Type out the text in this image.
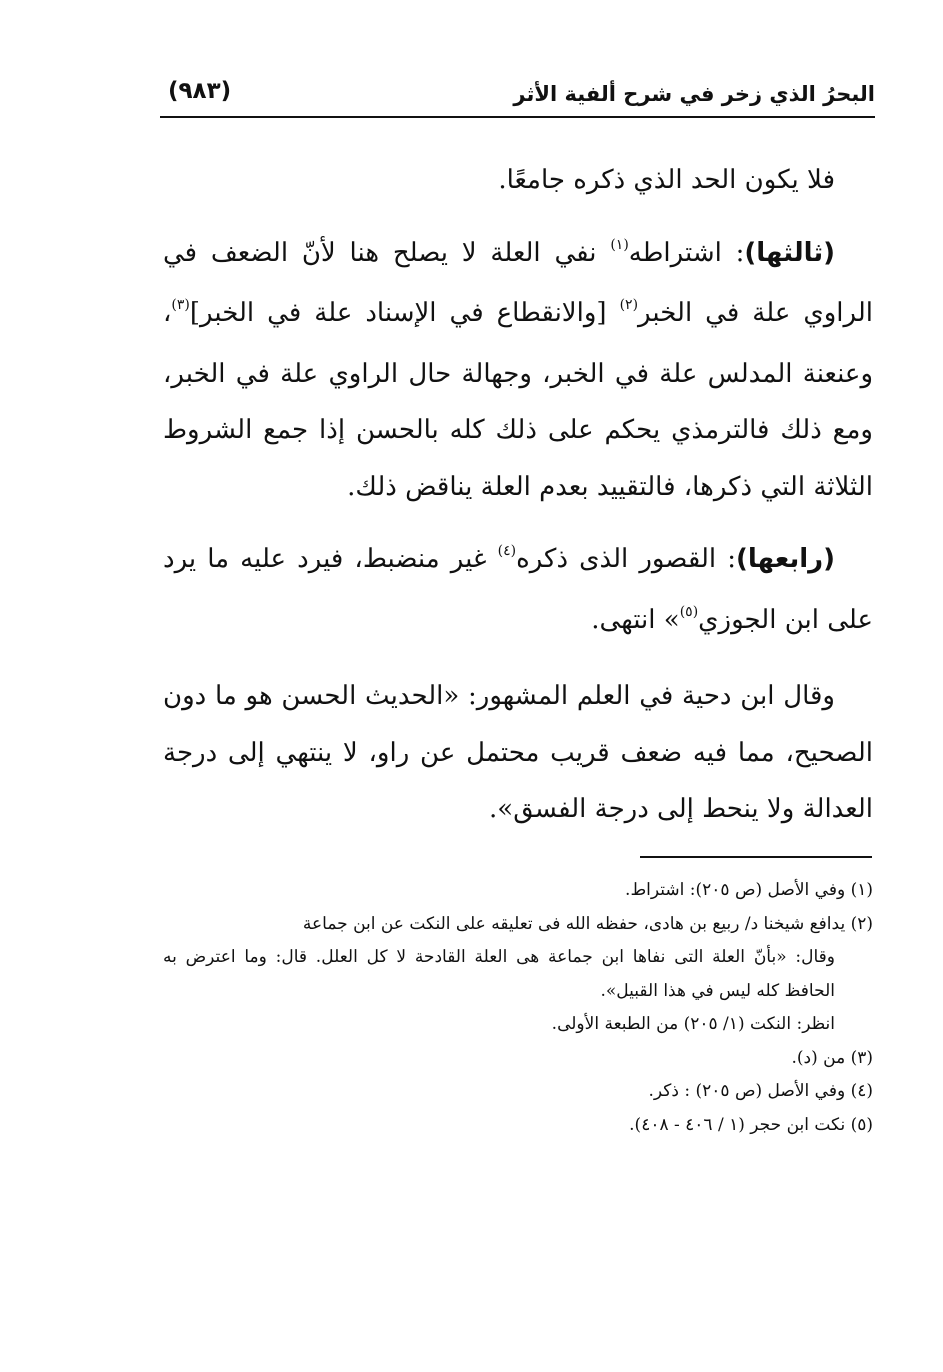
البحرُ الذي زخر في شرح ألفية الأثر
(٩٨٣)

فلا يكون الحد الذي ذكره جامعًا.

(ثالثها): اشتراطه$^{(١)}$ نفي العلة لا يصلح هنا لأنّ الضعف في الراوي علة في الخبر$^{(٢)}$ [والانقطاع في الإسناد علة في الخبر]$^{(٣)}$، وعنعنة المدلس علة في الخبر، وجهالة حال الراوي علة في الخبر، ومع ذلك فالترمذي يحكم على ذلك كله بالحسن إذا جمع الشروط الثلاثة التي ذكرها، فالتقييد بعدم العلة يناقض ذلك.

(رابعها): القصور الذى ذكره$^{(٤)}$ غير منضبط، فيرد عليه ما يرد على ابن الجوزي$^{(٥)}$» انتهى.

وقال ابن دحية في العلم المشهور: «الحديث الحسن هو ما دون الصحيح، مما فيه ضعف قريب محتمل عن راو، لا ينتهي إلى درجة العدالة ولا ينحط إلى درجة الفسق».

(١) وفي الأصل (ص ٢٠٥): اشتراط.

(٢) يدافع شيخنا د/ ربيع بن هادى، حفظه الله فى تعليقه على النكت عن ابن جماعة

وقال: «بأنّ العلة التى نفاها ابن جماعة هى العلة القادحة لا كل العلل. قال: وما اعترض به الحافظ كله ليس في هذا القبيل».

انظر: النكت (١/ ٢٠٥) من الطبعة الأولى.

(٣) من (د).

(٤) وفي الأصل (ص ٢٠٥) : ذكر.

(٥) نكت ابن حجر (١ / ٤٠٦ - ٤٠٨).
